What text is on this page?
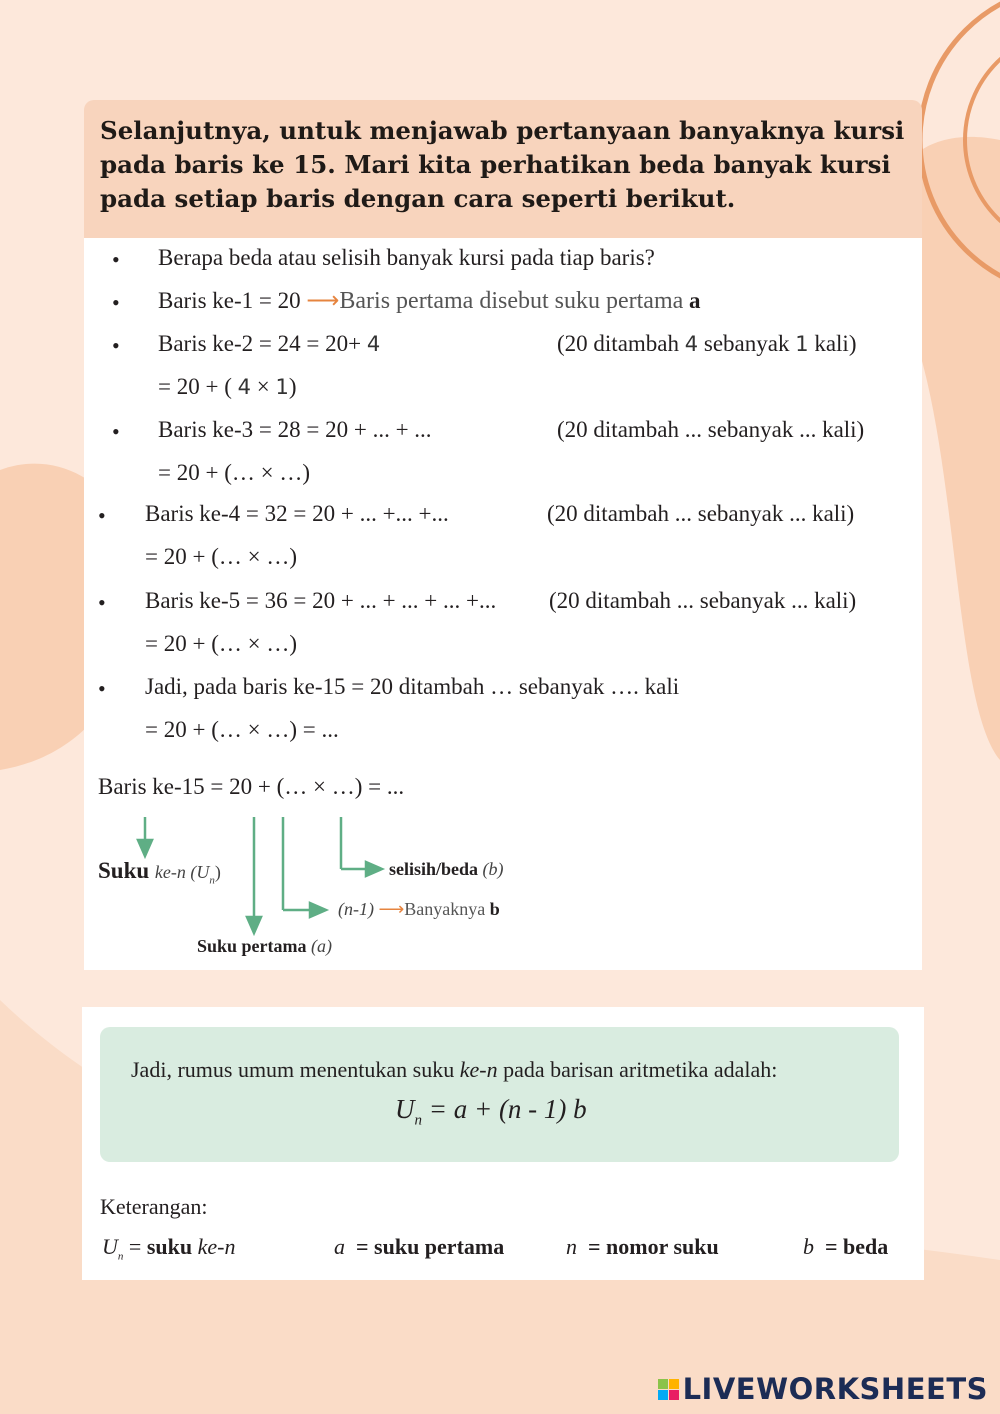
Selanjutnya, untuk menjawab pertanyaan banyaknya kursi pada baris ke 15. Mari kita perhatikan beda banyak kursi pada setiap baris dengan cara seperti berikut.
• Berapa beda atau selisih banyak kursi pada tiap baris?
• Baris ke-1 = 20 ⟶Baris pertama disebut suku pertama a
• Baris ke-2 = 24 = 20+ 4	(20 ditambah 4 sebanyak 1 kali)
= 20 + ( 4 × 1)
• Baris ke-3 = 28 = 20 + ... + ...	(20 ditambah ... sebanyak ... kali)
= 20 + (… × …)
• Baris ke-4 = 32 = 20 + ... +... +...	(20 ditambah ... sebanyak ... kali)
= 20 + (… × …)
• Baris ke-5 = 36 = 20 + ... + ... + ... +... (20 ditambah ... sebanyak ... kali)
= 20 + (… × …)
• Jadi, pada baris ke-15 = 20 ditambah … sebanyak …. kali
= 20 + (… × …) = ...
Baris ke-15 = 20 + (… × …) = ...
Suku ke-n $(U_n)$	selisih/beda (b)
(n-1) ⟶Banyaknya b
Suku pertama (a)
Jadi, rumus umum menentukan suku ke-n pada barisan aritmetika adalah:
$U_n = a + (n - 1)$ b
Keterangan:
$U_n$ = suku ke-n	a = suku pertama	n = nomor suku	b = beda
LIVEWORKSHEETS
